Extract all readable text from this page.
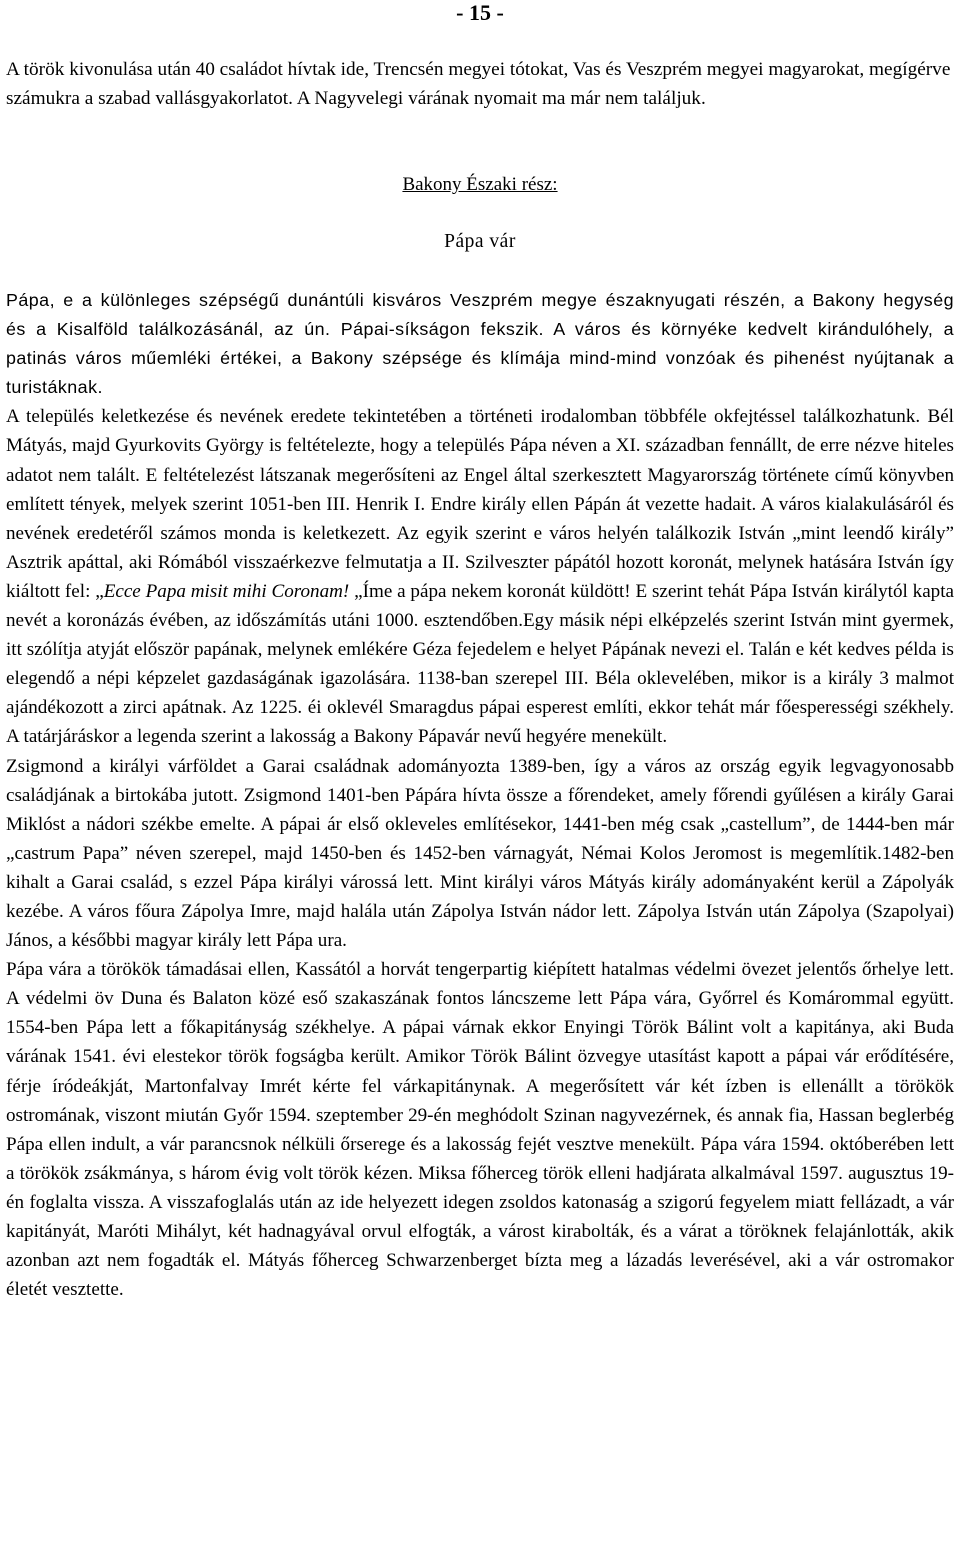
- 15 -

A török kivonulása után 40 családot hívtak ide, Trencsén megyei tótokat, Vas és Veszprém megyei magyarokat, megígérve számukra a szabad vallásgyakorlatot. A Nagyvelegi várának nyomait ma már nem találjuk.

Bakony Északi rész:
Pápa vár

Pápa, e a különleges szépségű dunántúli kisváros Veszprém megye északnyugati részén, a Bakony hegység és a Kisalföld találkozásánál, az ún. Pápai-síkságon fekszik. A város és környéke kedvelt kirándulóhely, a patinás város műemléki értékei, a Bakony szépsége és klímája mind-mind vonzóak és pihenést nyújtanak a turistáknak.

A település keletkezése és nevének eredete tekintetében a történeti irodalomban többféle okfejtéssel találkozhatunk. Bél Mátyás, majd Gyurkovits György is feltételezte, hogy a település Pápa néven a XI. században fennállt, de erre nézve hiteles adatot nem talált. E feltételezést látszanak megerősíteni az Engel által szerkesztett Magyarország története című könyvben említett tények, melyek szerint 1051-ben III. Henrik I. Endre király ellen Pápán át vezette hadait. A város kialakulásáról és nevének eredetéről számos monda is keletkezett. Az egyik szerint e város helyén találkozik István „mint leendő király” Asztrik apáttal, aki Rómából visszaérkezve felmutatja a II. Szilveszter pápától hozott koronát, melynek hatására István így kiáltott fel: „Ecce Papa misit mihi Coronam! „Íme a pápa nekem koronát küldött! E szerint tehát Pápa István királytól kapta nevét a koronázás évében, az időszámítás utáni 1000. esztendőben.Egy másik népi elképzelés szerint István mint gyermek, itt szólítja atyját először papának, melynek emlékére Géza fejedelem e helyet Pápának nevezi el. Talán e két kedves példa is elegendő a népi képzelet gazdaságának igazolására. 1138-ban szerepel III. Béla oklevelében, mikor is a király 3 malmot ajándékozott a zirci apátnak. Az 1225. éi oklevél Smaragdus pápai esperest említi, ekkor tehát már főesperességi székhely. A tatárjáráskor a legenda szerint a lakosság a Bakony Pápavár nevű hegyére menekült.

Zsigmond a királyi várföldet a Garai családnak adományozta 1389-ben, így a város az ország egyik legvagyonosabb családjának a birtokába jutott. Zsigmond 1401-ben Pápára hívta össze a főrendeket, amely főrendi gyűlésen a király Garai Miklóst a nádori székbe emelte. A pápai ár első okleveles említésekor, 1441-ben még csak „castellum”, de 1444-ben már „castrum Papa” néven szerepel, majd 1450-ben és 1452-ben várnagyát, Némai Kolos Jeromost is megemlítik.1482-ben kihalt a Garai család, s ezzel Pápa királyi várossá lett. Mint királyi város Mátyás király adományaként kerül a Zápolyák kezébe. A város főura Zápolya Imre, majd halála után Zápolya István nádor lett. Zápolya István után Zápolya (Szapolyai) János, a későbbi magyar király lett Pápa ura.

Pápa vára a törökök támadásai ellen, Kassától a horvát tengerpartig kiépített hatalmas védelmi övezet jelentős őrhelye lett. A védelmi öv Duna és Balaton közé eső szakaszának fontos láncszeme lett Pápa vára, Győrrel és Komárommal együtt. 1554-ben Pápa lett a főkapitányság székhelye. A pápai várnak ekkor Enyingi Török Bálint volt a kapitánya, aki Buda várának 1541. évi elestekor török fogságba került. Amikor Török Bálint özvegye utasítást kapott a pápai vár erődítésére, férje íródeákját, Martonfalvay Imrét kérte fel várkapitánynak. A megerősített vár két ízben is ellenállt a törökök ostromának, viszont miután Győr 1594. szeptember 29-én meghódolt Szinan nagyvezérnek, és annak fia, Hassan beglerbég Pápa ellen indult, a vár parancsnok nélküli őrserege és a lakosság fejét vesztve menekült. Pápa vára 1594. októberében lett a törökök zsákmánya, s három évig volt török kézen. Miksa főherceg török elleni hadjárata alkalmával 1597. augusztus 19-én foglalta vissza. A visszafoglalás után az ide helyezett idegen zsoldos katonaság a szigorú fegyelem miatt fellázadt, a vár kapitányát, Maróti Mihályt, két hadnagyával orvul elfogták, a várost kirabolták, és a várat a töröknek felajánlották, akik azonban azt nem fogadták el. Mátyás főherceg Schwarzenberget bízta meg a lázadás leverésével, aki a vár ostromakor életét vesztette.
